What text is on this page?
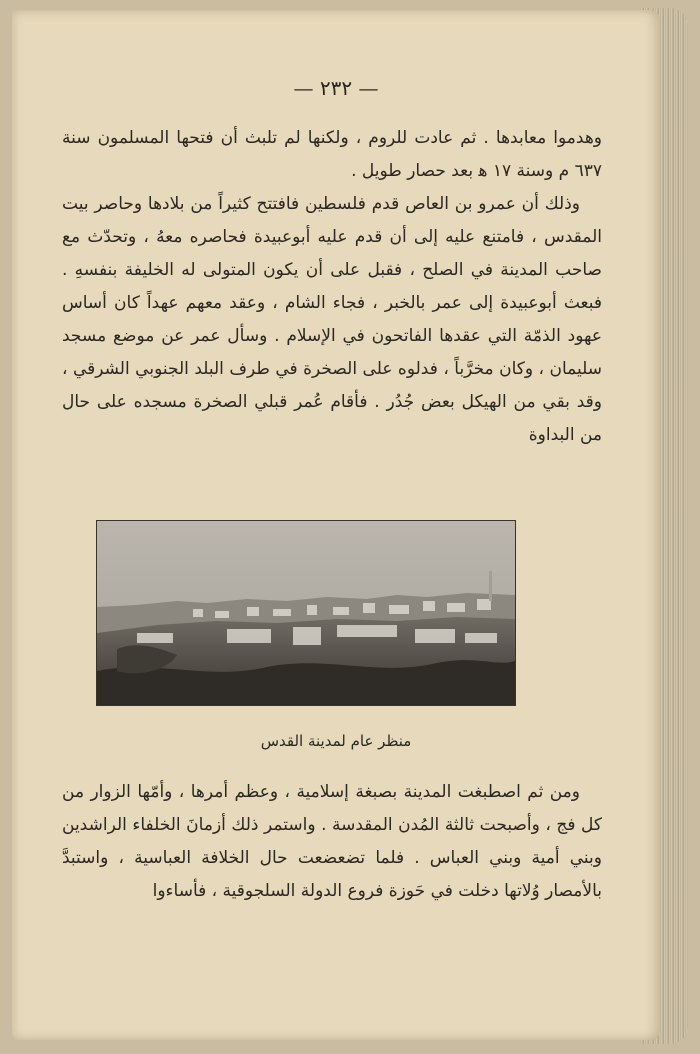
— ٢٣٢ —

وهدموا معابدها . ثم عادت للروم ، ولكنها لم تلبث أن فتحها المسلمون سنة ٦٣٧ م وسنة ١٧ ﻫ بعد حصار طويل .

وذلك أن عمرو بن العاص قدم فلسطين فافتتح كثيراً من بلادها وحاصر بيت المقدس ، فامتنع عليه إلى أن قدم عليه أبوعبيدة فحاصره معهُ ، وتحدّث مع صاحب المدينة في الصلح ، فقبل على أن يكون المتولى له الخليفة بنفسهِ . فبعث أبوعبيدة إلى عمر بالخبر ، فجاء الشام ، وعقد معهم عهداً كان أساس عهود الذمّة التي عقدها الفاتحون في الإسلام . وسأل عمر عن موضع مسجد سليمان ، وكان مخرَّباً ، فدلوه على الصخرة في طرف البلد الجنوبي الشرقي ، وقد بقي من الهيكل بعض جُدُر . فأقام عُمر قبلي الصخرة مسجده على حال من البداوة

منظر عام لمدينة القدس

ومن ثم اصطبغت المدينة بصبغة إسلامية ، وعظم أمرها ، وأمّها الزوار من كل فج ، وأصبحت ثالثة المُدن المقدسة . واستمر ذلك أزمانَ الخلفاء الراشدين وبني أمية وبني العباس . فلما تضعضعت حال الخلافة العباسية ، واستبدَّ بالأمصار وُلاتها دخلت في حَوزة فروع الدولة السلجوقية ، فأساءوا
